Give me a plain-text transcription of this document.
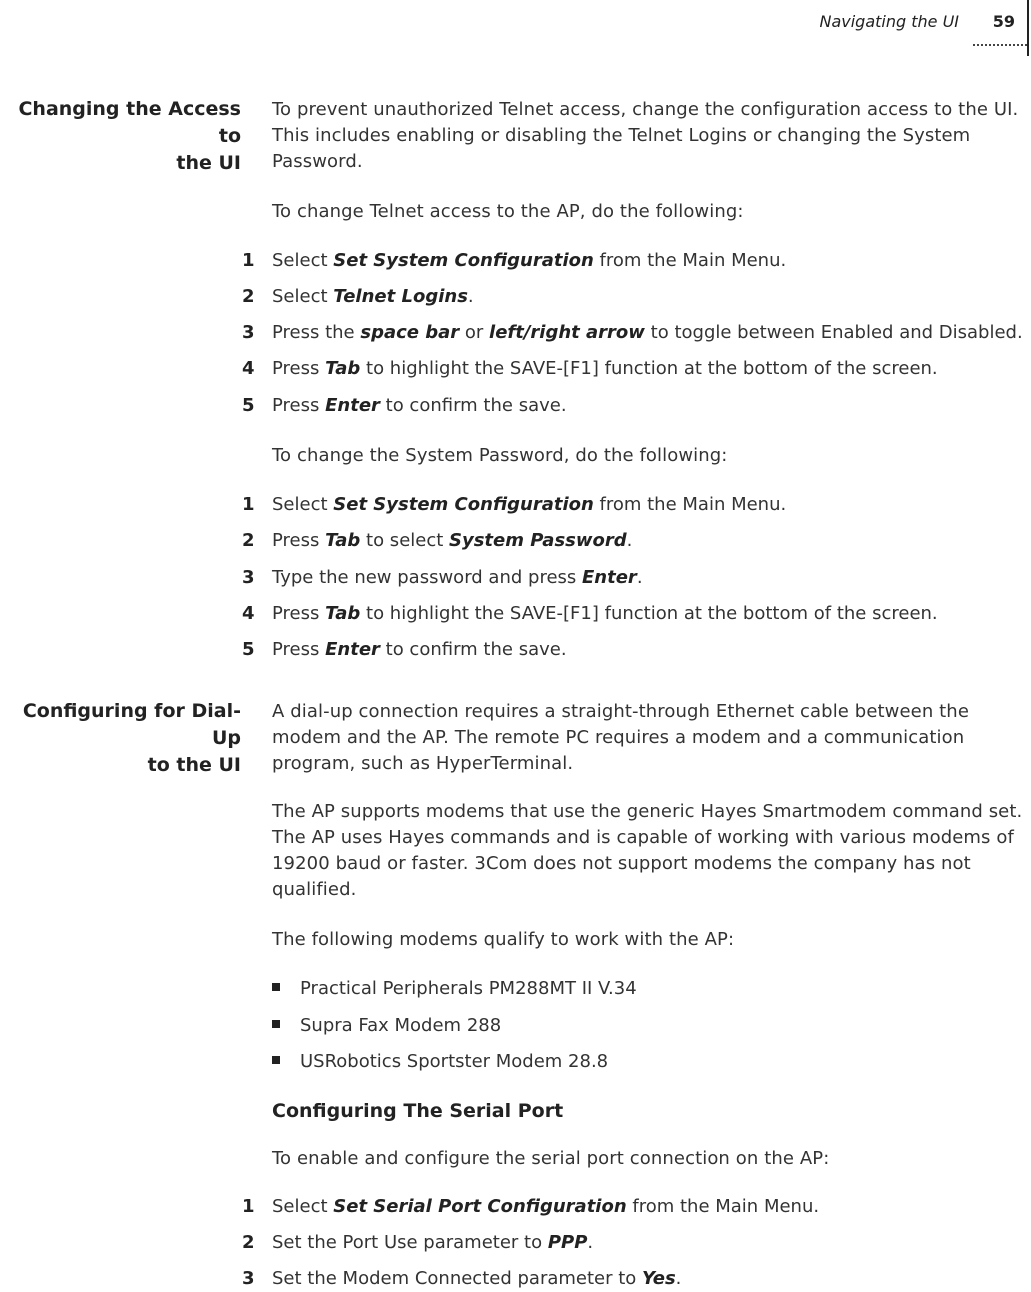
Navigating the UI 59
Changing the Access to
the UI
To prevent unauthorized Telnet access, change the configuration access to the UI.
This includes enabling or disabling the Telnet Logins or changing the System
Password.
To change Telnet access to the AP, do the following:
1 Select Set System Configuration from the Main Menu.
2 Select Telnet Logins.
3 Press the space bar or left/right arrow to toggle between Enabled and Disabled.
4 Press Tab to highlight the SAVE-[F1] function at the bottom of the screen.
5 Press Enter to confirm the save.
To change the System Password, do the following:
1 Select Set System Configuration from the Main Menu.
2 Press Tab to select System Password.
3 Type the new password and press Enter.
4 Press Tab to highlight the SAVE-[F1] function at the bottom of the screen.
5 Press Enter to confirm the save.
Configuring for Dial-Up
to the UI
A dial-up connection requires a straight-through Ethernet cable between the
modem and the AP. The remote PC requires a modem and a communication
program, such as HyperTerminal.
The AP supports modems that use the generic Hayes Smartmodem command set.
The AP uses Hayes commands and is capable of working with various modems of
19200 baud or faster. 3Com does not support modems the company has not
qualified.
The following modems qualify to work with the AP:
Practical Peripherals PM288MT II V.34
Supra Fax Modem 288
USRobotics Sportster Modem 28.8
Configuring The Serial Port
To enable and configure the serial port connection on the AP:
1 Select Set Serial Port Configuration from the Main Menu.
2 Set the Port Use parameter to PPP.
3 Set the Modem Connected parameter to Yes.
